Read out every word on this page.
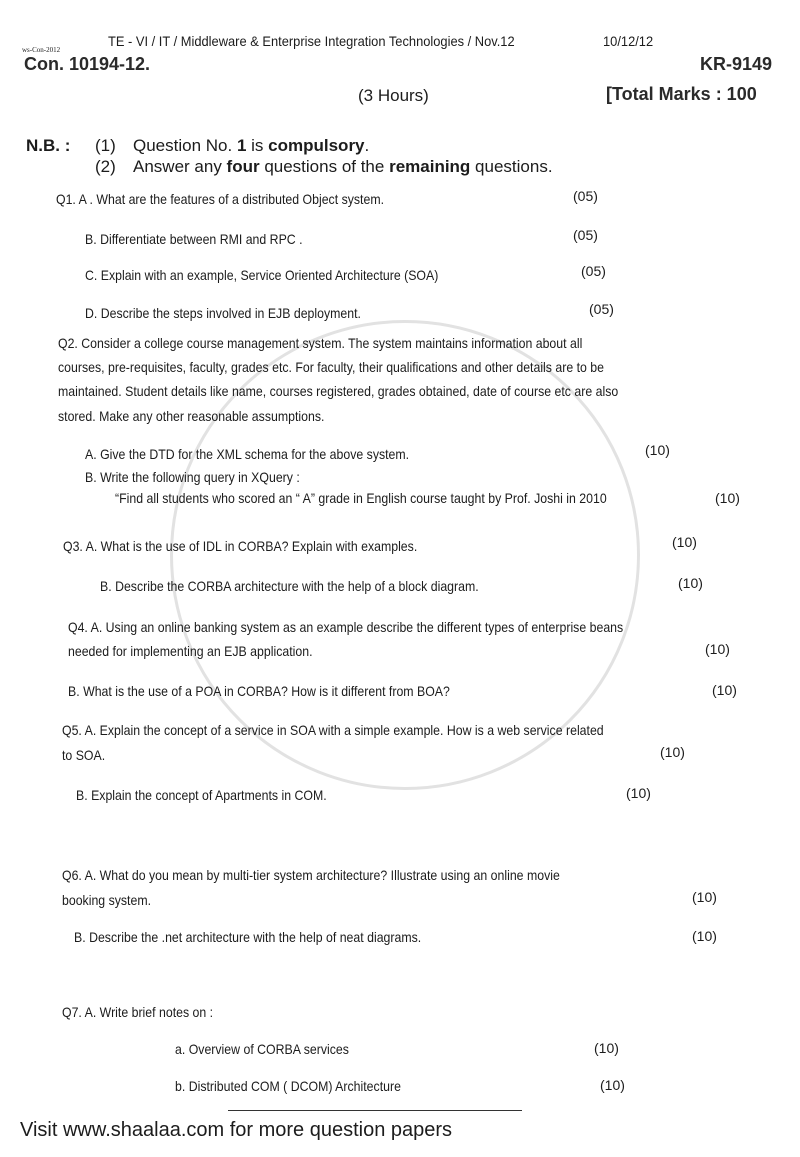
ws-Con-2012
TE - VI / IT / Middleware & Enterprise Integration Technologies / Nov.12	10/12/12
Con. 10194-12.	KR-9149
(3 Hours)	[Total Marks : 100
N.B. : (1) Question No. 1 is compulsory.
(2) Answer any four questions of the remaining questions.
Q1. A . What are the features of a distributed Object system.	(05)
B. Differentiate between RMI and RPC .	(05)
C. Explain with an example, Service Oriented Architecture (SOA)	(05)
D. Describe the steps involved in EJB deployment.	(05)
Q2. Consider a college course management system. The system maintains information about all
courses, pre-requisites, faculty, grades etc. For faculty, their qualifications and other details are to be
maintained. Student details like name, courses registered, grades obtained, date of course etc are also
stored. Make any other reasonable assumptions.
A. Give the DTD for the XML schema for the above system.	(10)
B. Write the following query in XQuery :
“Find all students who scored an “ A” grade in English course taught by Prof. Joshi in 2010	(10)
Q3. A. What is the use of IDL in CORBA? Explain with examples.	(10)
B. Describe the CORBA architecture with the help of a block diagram.	(10)
Q4. A. Using an online banking system as an example describe the different types of enterprise beans
needed for implementing an EJB application.	(10)
B. What is the use of a POA in CORBA? How is it different from BOA?	(10)
Q5. A. Explain the concept of a service in SOA with a simple example. How is a web service related
to SOA.	(10)
B. Explain the concept of Apartments in COM.	(10)
Q6. A. What do you mean by multi-tier system architecture? Illustrate using an online movie
booking system.	(10)
B. Describe the .net architecture with the help of neat diagrams.	(10)
Q7. A. Write brief notes on :
a. Overview of CORBA services	(10)
b. Distributed COM ( DCOM) Architecture	(10)
Visit www.shaalaa.com for more question papers
